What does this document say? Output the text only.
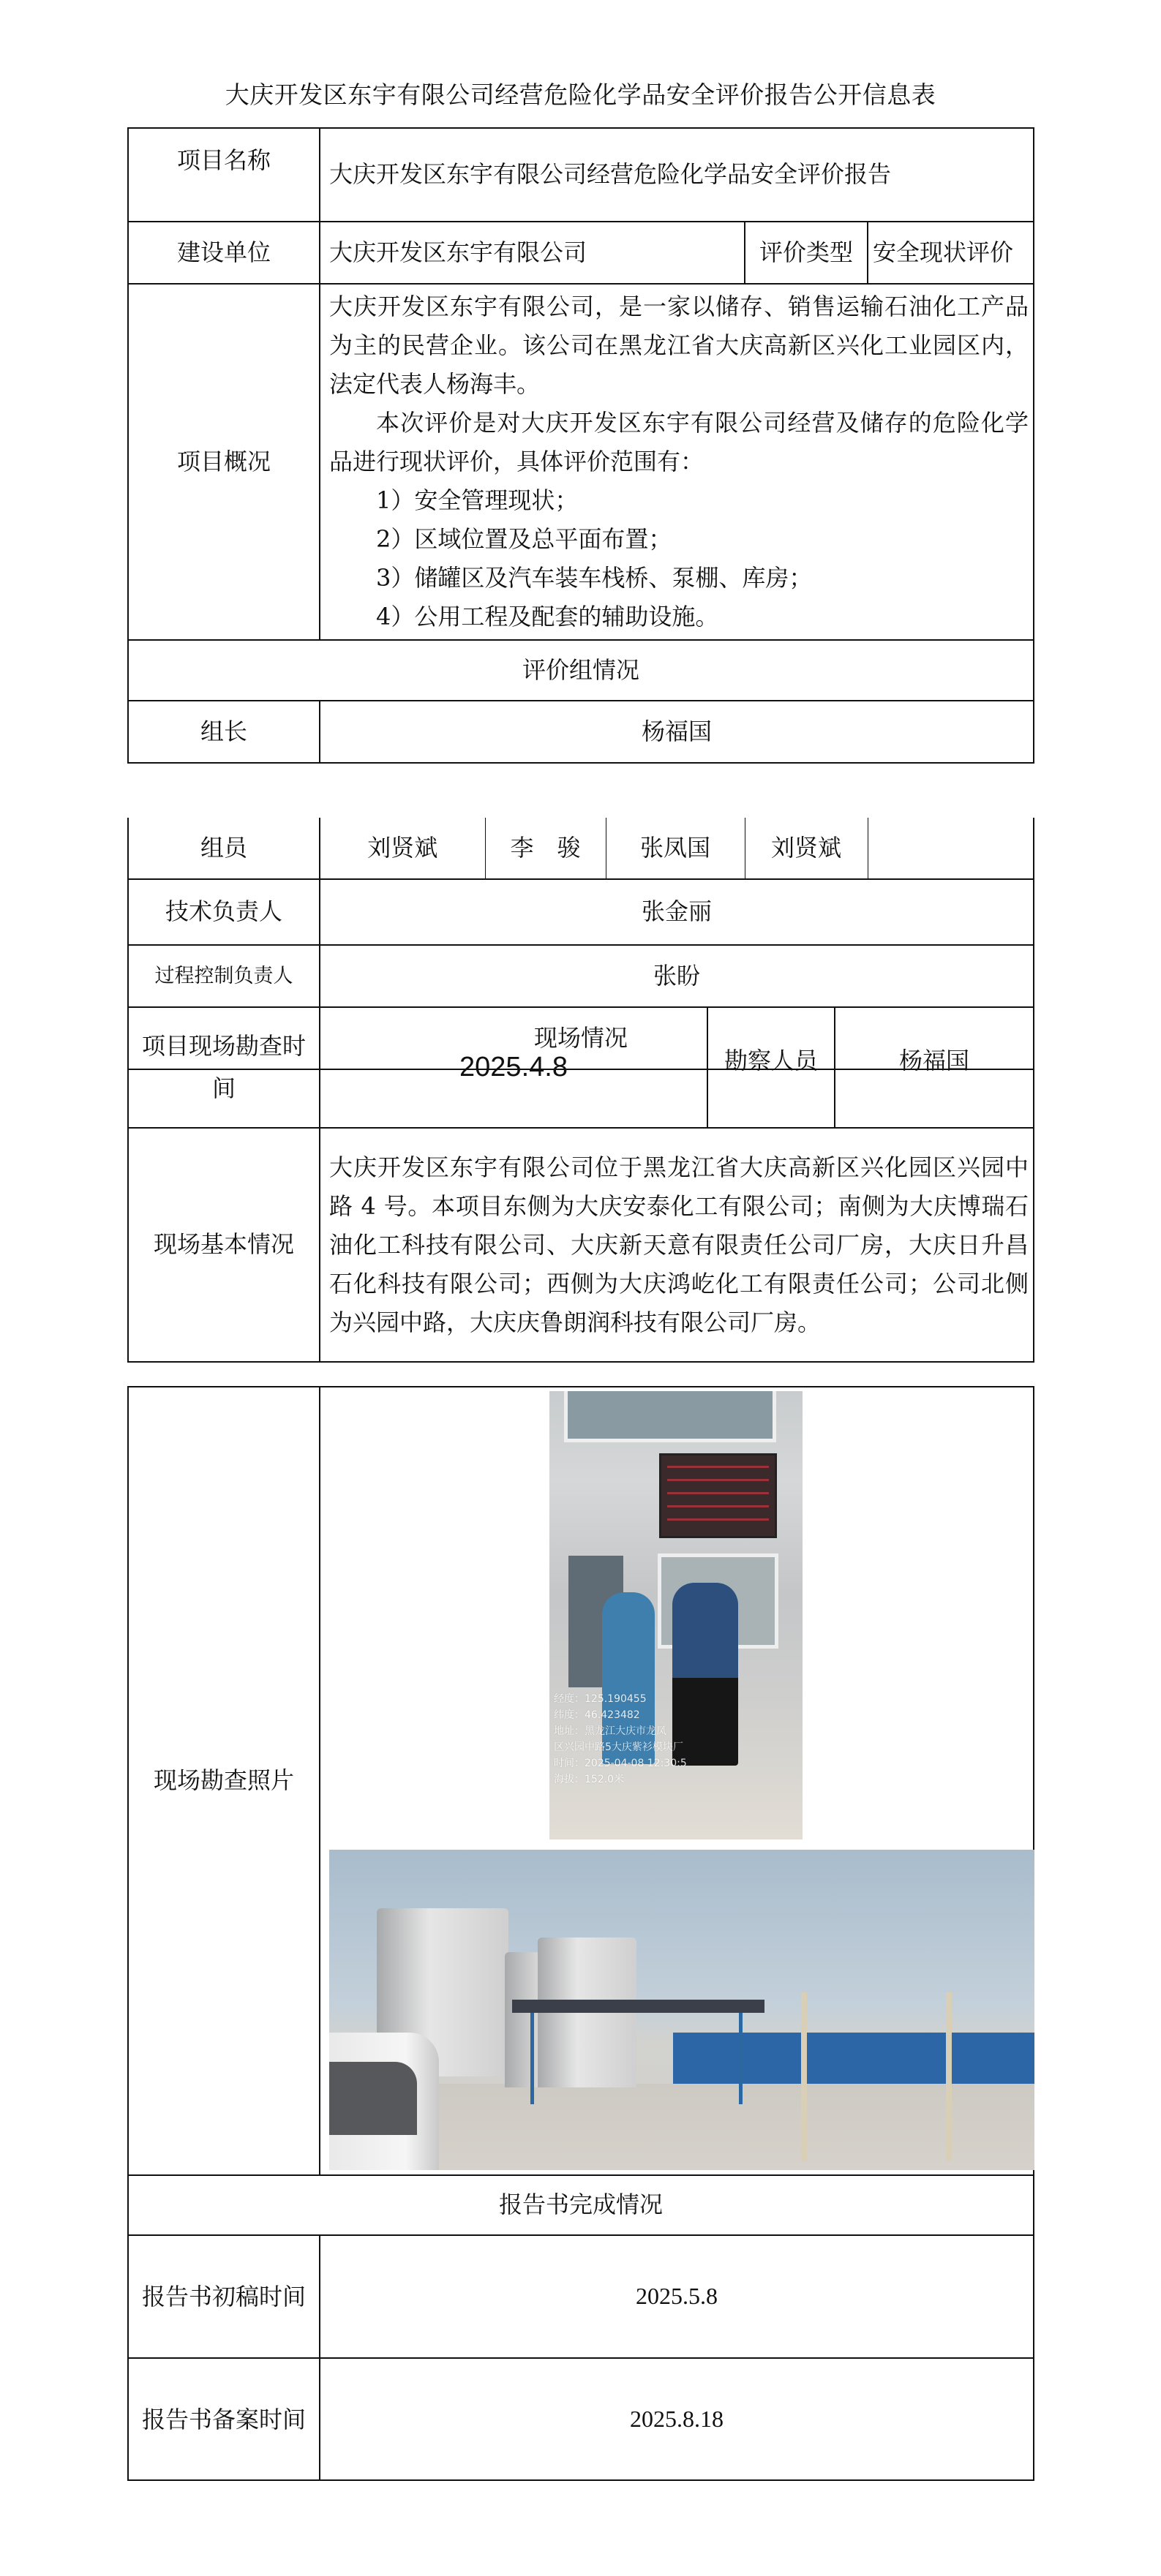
大庆开发区东宇有限公司经营危险化学品安全评价报告公开信息表
项目名称	大庆开发区东宇有限公司经营危险化学品安全评价报告		
建设单位	大庆开发区东宇有限公司	评价类型	安全现状评价
项目概况	
大庆开发区东宇有限公司，是一家以储存、销售运输石油化工产品为主的民营企业。该公司在黑龙江省大庆高新区兴化工业园区内，法定代表人杨海丰。
本次评价是对大庆开发区东宇有限公司经营及储存的危险化学品进行现状评价，具体评价范围有：
1）安全管理现状；
2）区域位置及总平面布置；
3）储罐区及汽车装车栈桥、泵棚、库房；
4）公用工程及配套的辅助设施。

评价组情况			
组长	杨福国		
组员	刘贤斌	李　骏	张凤国	刘贤斌	
技术负责人	张金丽				
过程控制负责人	张盼				
现场情况					
项目现场勘查时间	2025.4.8	勘察人员	杨福国
现场基本情况	大庆开发区东宇有限公司位于黑龙江省大庆高新区兴化园区兴园中路 4 号。本项目东侧为大庆安泰化工有限公司；南侧为大庆博瑞石油化工科技有限公司、大庆新天意有限责任公司厂房，大庆日升昌石化科技有限公司；西侧为大庆鸿屹化工有限责任公司；公司北侧为兴园中路，大庆庆鲁朗润科技有限公司厂房。		
现场勘查照片	
经度：125.190455
纬度：46.423482
地址：黑龙江大庆市龙凤
区兴园中路5大庆紫衫模块厂
时间：2025-04-08 12:30:5
海拔：152.0米

报告书完成情况	
报告书初稿时间	2025.5.8
报告书备案时间	2025.8.18
